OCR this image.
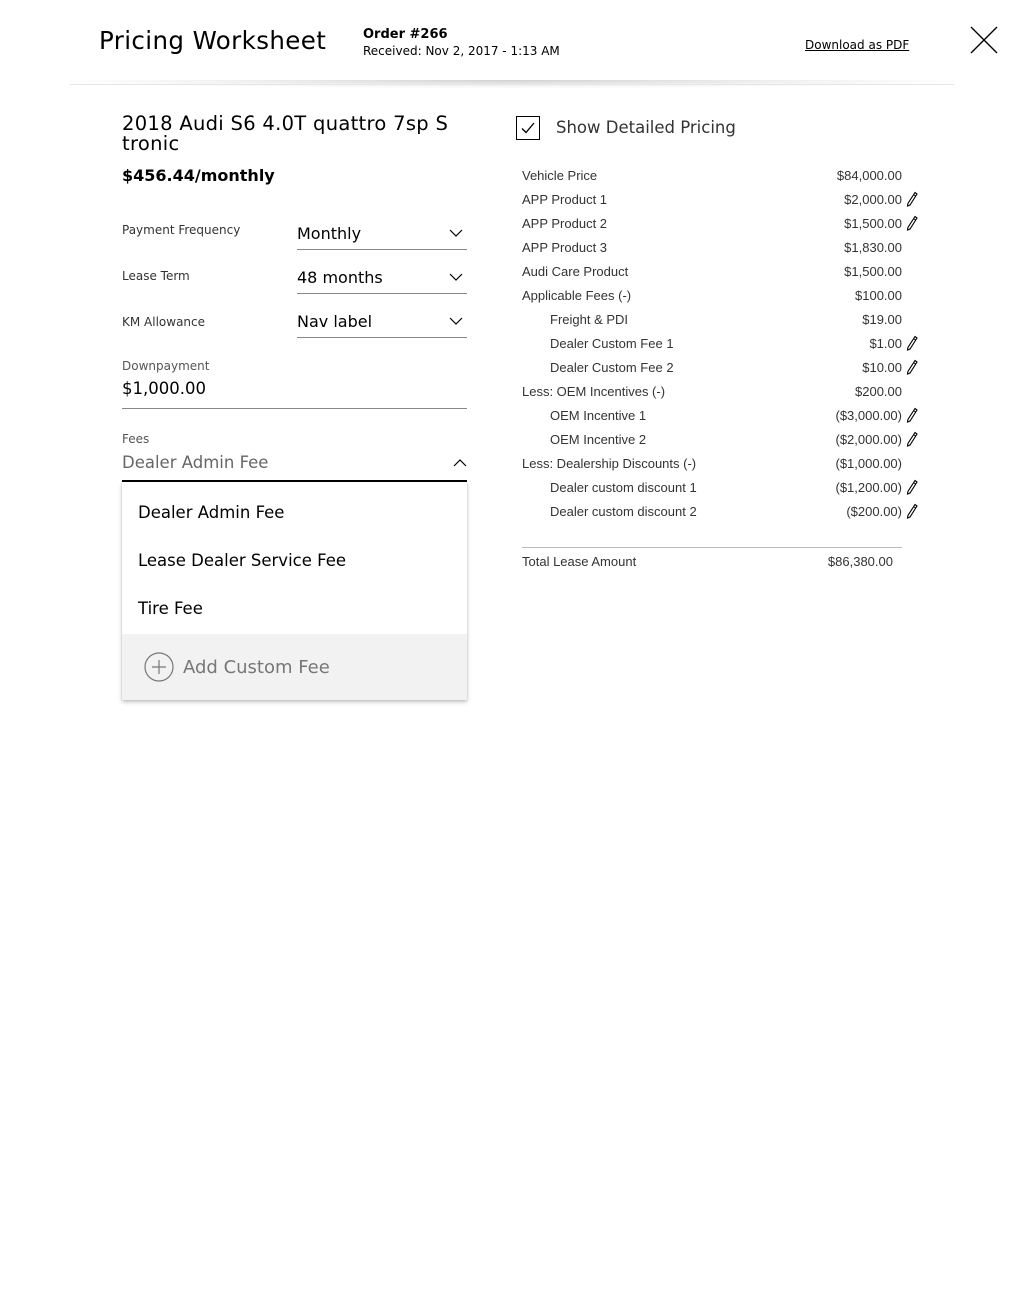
Pricing Worksheet	Order #266
Received: Nov 2, 2017 - 1:13 AM	Download as PDF
2018 Audi S6 4.0T quattro 7sp S tronic
$456.44/monthly
Payment Frequency	Monthly
Lease Term	48 months
KM Allowance	Nav label
Downpayment
$1,000.00
Fees
Dealer Admin Fee
Dealer Admin Fee
Lease Dealer Service Fee
Tire Fee
Add Custom Fee
Show Detailed Pricing
Vehicle Price	$84,000.00
APP Product 1	$2,000.00
APP Product 2	$1,500.00
APP Product 3	$1,830.00
Audi Care Product	$1,500.00
Applicable Fees (-)	$100.00
Freight & PDI	$19.00
Dealer Custom Fee 1	$1.00
Dealer Custom Fee 2	$10.00
Less: OEM Incentives (-)	$200.00
OEM Incentive 1	($3,000.00)
OEM Incentive 2	($2,000.00)
Less: Dealership Discounts (-)	($1,000.00)
Dealer custom discount 1	($1,200.00)
Dealer custom discount 2	($200.00)
Total Lease Amount	$86,380.00
